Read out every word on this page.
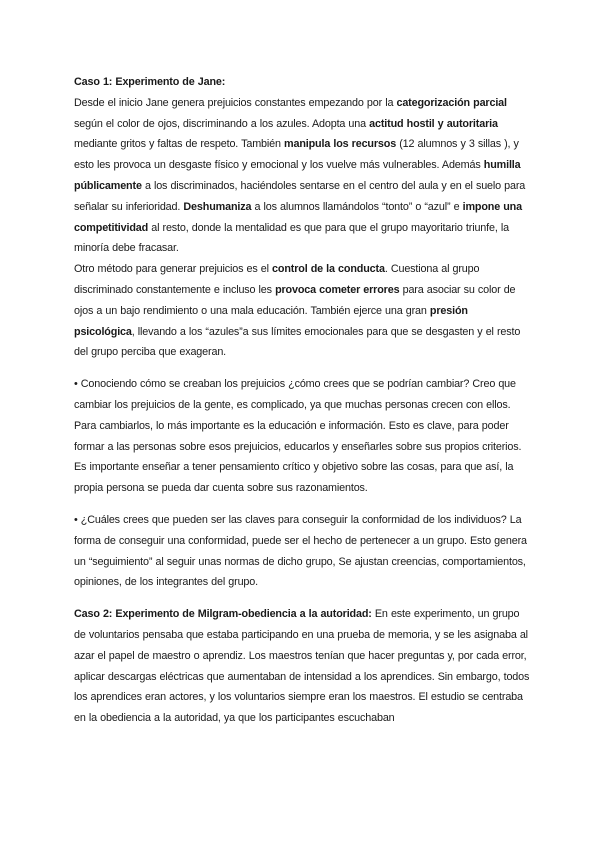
Caso 1: Experimento de Jane:

Desde el inicio Jane genera prejuicios constantes empezando por la categorización parcial según el color de ojos, discriminando a los azules. Adopta una actitud hostil y autoritaria mediante gritos y faltas de respeto. También manipula los recursos (12 alumnos y 3 sillas ), y esto les provoca un desgaste físico y emocional y los vuelve más vulnerables. Además humilla públicamente a los discriminados, haciéndoles sentarse en el centro del aula y en el suelo para señalar su inferioridad. Deshumaniza a los alumnos llamándolos “tonto” o “azul” e impone una competitividad al resto, donde la mentalidad es que para que el grupo mayoritario triunfe, la minoría debe fracasar.

Otro método para generar prejuicios es el control de la conducta. Cuestiona al grupo discriminado constantemente e incluso les provoca cometer errores para asociar su color de ojos a un bajo rendimiento o una mala educación. También ejerce una gran presión psicológica, llevando a los “azules”a sus límites emocionales para que se desgasten y el resto del grupo perciba que exageran.

• Conociendo cómo se creaban los prejuicios ¿cómo crees que se podrían cambiar? Creo que cambiar los prejuicios de la gente, es complicado, ya que muchas personas crecen con ellos. Para cambiarlos, lo más importante es la educación e información. Esto es clave, para poder formar a las personas sobre esos prejuicios, educarlos y enseñarles sobre sus propios criterios. Es importante enseñar a tener pensamiento crítico y objetivo sobre las cosas, para que así, la propia persona se pueda dar cuenta sobre sus razonamientos.

• ¿Cuáles crees que pueden ser las claves para conseguir la conformidad de los individuos? La forma de conseguir una conformidad, puede ser el hecho de pertenecer a un grupo. Esto genera un “seguimiento” al seguir unas normas de dicho grupo, Se ajustan creencias, comportamientos, opiniones, de los integrantes del grupo.

Caso 2: Experimento de Milgram-obediencia a la autoridad: En este experimento, un grupo de voluntarios pensaba que estaba participando en una prueba de memoria, y se les asignaba al azar el papel de maestro o aprendiz. Los maestros tenían que hacer preguntas y, por cada error, aplicar descargas eléctricas que aumentaban de intensidad a los aprendices. Sin embargo, todos los aprendices eran actores, y los voluntarios siempre eran los maestros. El estudio se centraba en la obediencia a la autoridad, ya que los participantes escuchaban
